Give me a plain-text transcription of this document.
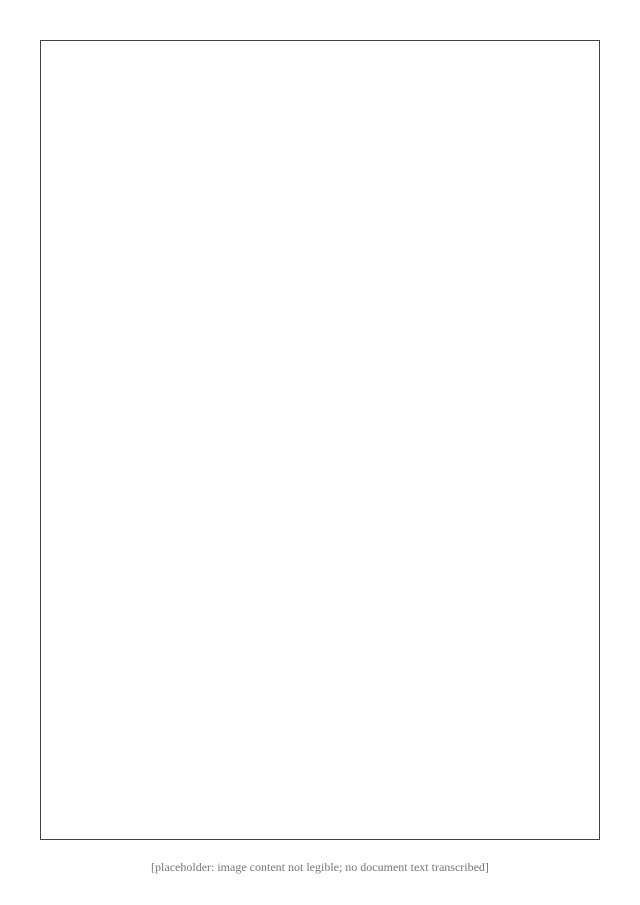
[placeholder: image content not legible; no document text transcribed]
